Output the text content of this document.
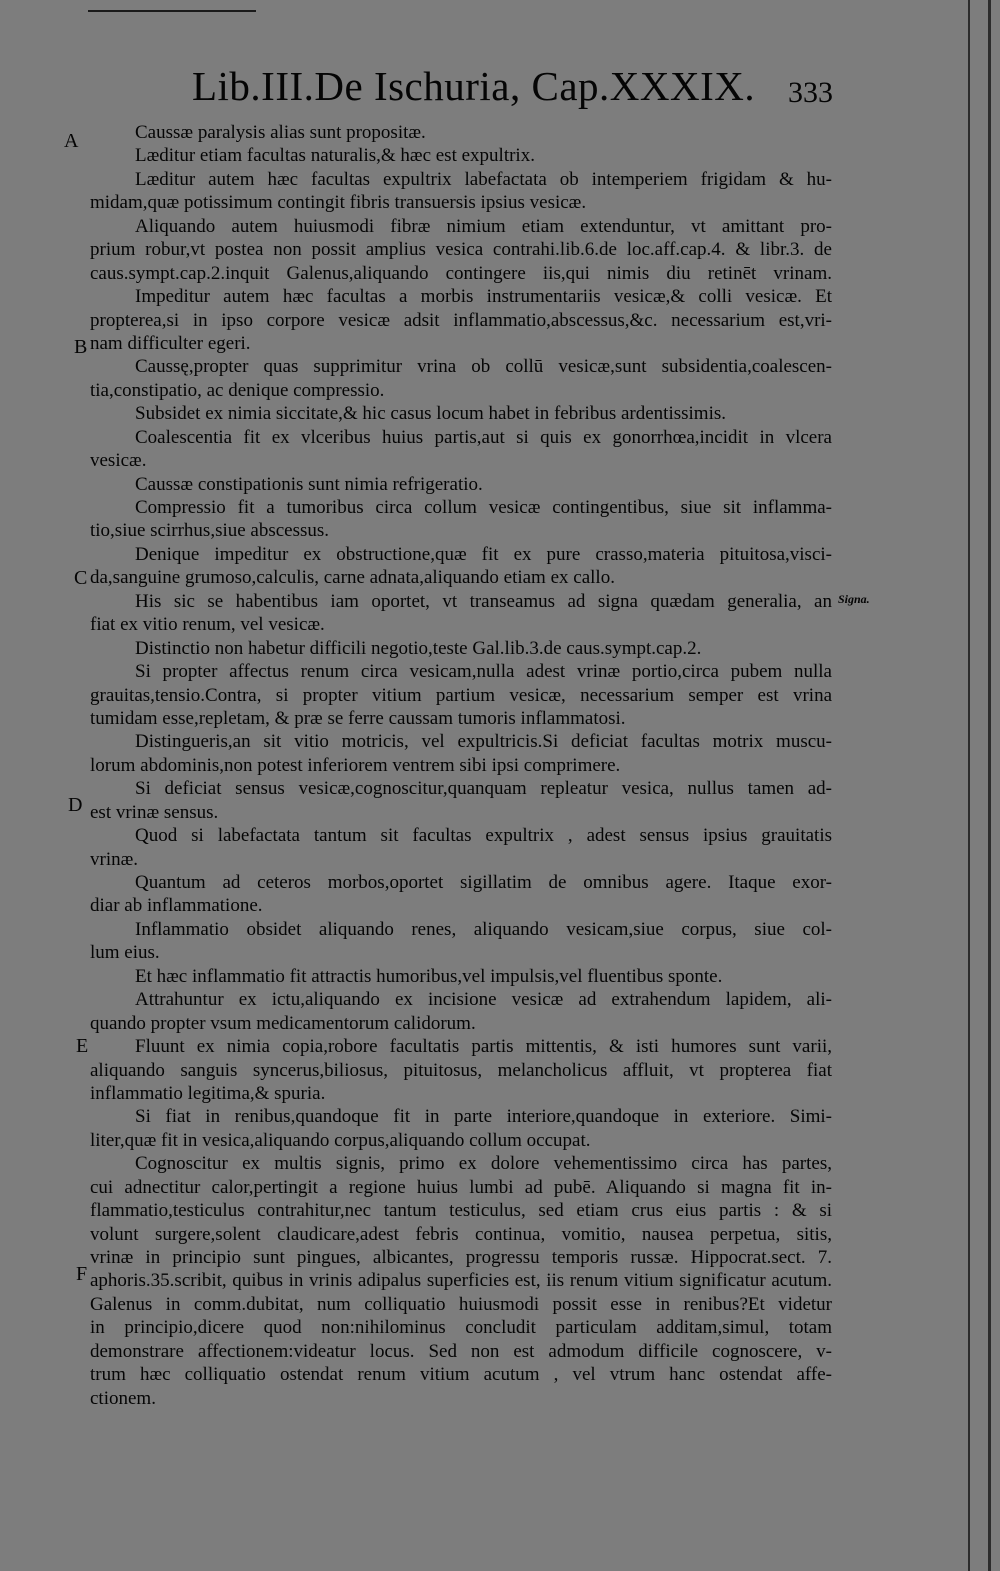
Lib.III.De Ischuria, Cap.XXXIX. 333
A
B
C
D
E
F
Signa.
Caussæ paralysis alias sunt propositæ.
Læditur etiam facultas naturalis,& hæc est expultrix.
Læditur autem hæc facultas expultrix labefactata ob intemperiem frigidam & hu-
midam,quæ potissimum contingit fibris transuersis ipsius vesicæ.
Aliquando autem huiusmodi fibræ nimium etiam extenduntur, vt amittant pro-
prium robur,vt postea non possit amplius vesica contrahi.lib.6.de loc.aff.cap.4. & libr.3. de
caus.sympt.cap.2.inquit Galenus,aliquando contingere iis,qui nimis diu retinēt vrinam.
Impeditur autem hæc facultas a morbis instrumentariis vesicæ,& colli vesicæ. Et
propterea,si in ipso corpore vesicæ adsit inflammatio,abscessus,&c. necessarium est,vri-
nam difficulter egeri.
Caussę,propter quas supprimitur vrina ob collū vesicæ,sunt subsidentia,coalescen-
tia,constipatio, ac denique compressio.
Subsidet ex nimia siccitate,& hic casus locum habet in febribus ardentissimis.
Coalescentia fit ex vlceribus huius partis,aut si quis ex gonorrhœa,incidit in vlcera
vesicæ.
Caussæ constipationis sunt nimia refrigeratio.
Compressio fit a tumoribus circa collum vesicæ contingentibus, siue sit inflamma-
tio,siue scirrhus,siue abscessus.
Denique impeditur ex obstructione,quæ fit ex pure crasso,materia pituitosa,visci-
da,sanguine grumoso,calculis, carne adnata,aliquando etiam ex callo.
His sic se habentibus iam oportet, vt transeamus ad signa quædam generalia, an
fiat ex vitio renum, vel vesicæ.
Distinctio non habetur difficili negotio,teste Gal.lib.3.de caus.sympt.cap.2.
Si propter affectus renum circa vesicam,nulla adest vrinæ portio,circa pubem nulla
grauitas,tensio.Contra, si propter vitium partium vesicæ, necessarium semper est vrina
tumidam esse,repletam, & præ se ferre caussam tumoris inflammatosi.
Distingueris,an sit vitio motricis, vel expultricis.Si deficiat facultas motrix muscu-
lorum abdominis,non potest inferiorem ventrem sibi ipsi comprimere.
Si deficiat sensus vesicæ,cognoscitur,quanquam repleatur vesica, nullus tamen ad-
est vrinæ sensus.
Quod si labefactata tantum sit facultas expultrix , adest sensus ipsius grauitatis
vrinæ.
Quantum ad ceteros morbos,oportet sigillatim de omnibus agere. Itaque exor-
diar ab inflammatione.
Inflammatio obsidet aliquando renes, aliquando vesicam,siue corpus, siue col-
lum eius.
Et hæc inflammatio fit attractis humoribus,vel impulsis,vel fluentibus sponte.
Attrahuntur ex ictu,aliquando ex incisione vesicæ ad extrahendum lapidem, ali-
quando propter vsum medicamentorum calidorum.
Fluunt ex nimia copia,robore facultatis partis mittentis, & isti humores sunt varii,
aliquando sanguis syncerus,biliosus, pituitosus, melancholicus affluit, vt propterea fiat
inflammatio legitima,& spuria.
Si fiat in renibus,quandoque fit in parte interiore,quandoque in exteriore. Simi-
liter,quæ fit in vesica,aliquando corpus,aliquando collum occupat.
Cognoscitur ex multis signis, primo ex dolore vehementissimo circa has partes,
cui adnectitur calor,pertingit a regione huius lumbi ad pubē. Aliquando si magna fit in-
flammatio,testiculus contrahitur,nec tantum testiculus, sed etiam crus eius partis : & si
volunt surgere,solent claudicare,adest febris continua, vomitio, nausea perpetua, sitis,
vrinæ in principio sunt pingues, albicantes, progressu temporis russæ. Hippocrat.sect. 7.
aphoris.35.scribit, quibus in vrinis adipalus superficies est, iis renum vitium significatur acutum.
Galenus in comm.dubitat, num colliquatio huiusmodi possit esse in renibus?Et videtur
in principio,dicere quod non:nihilominus concludit particulam additam,simul, totam
demonstrare affectionem:videatur locus. Sed non est admodum difficile cognoscere, v-
trum hæc colliquatio ostendat renum vitium acutum , vel vtrum hanc ostendat affe-
ctionem.
